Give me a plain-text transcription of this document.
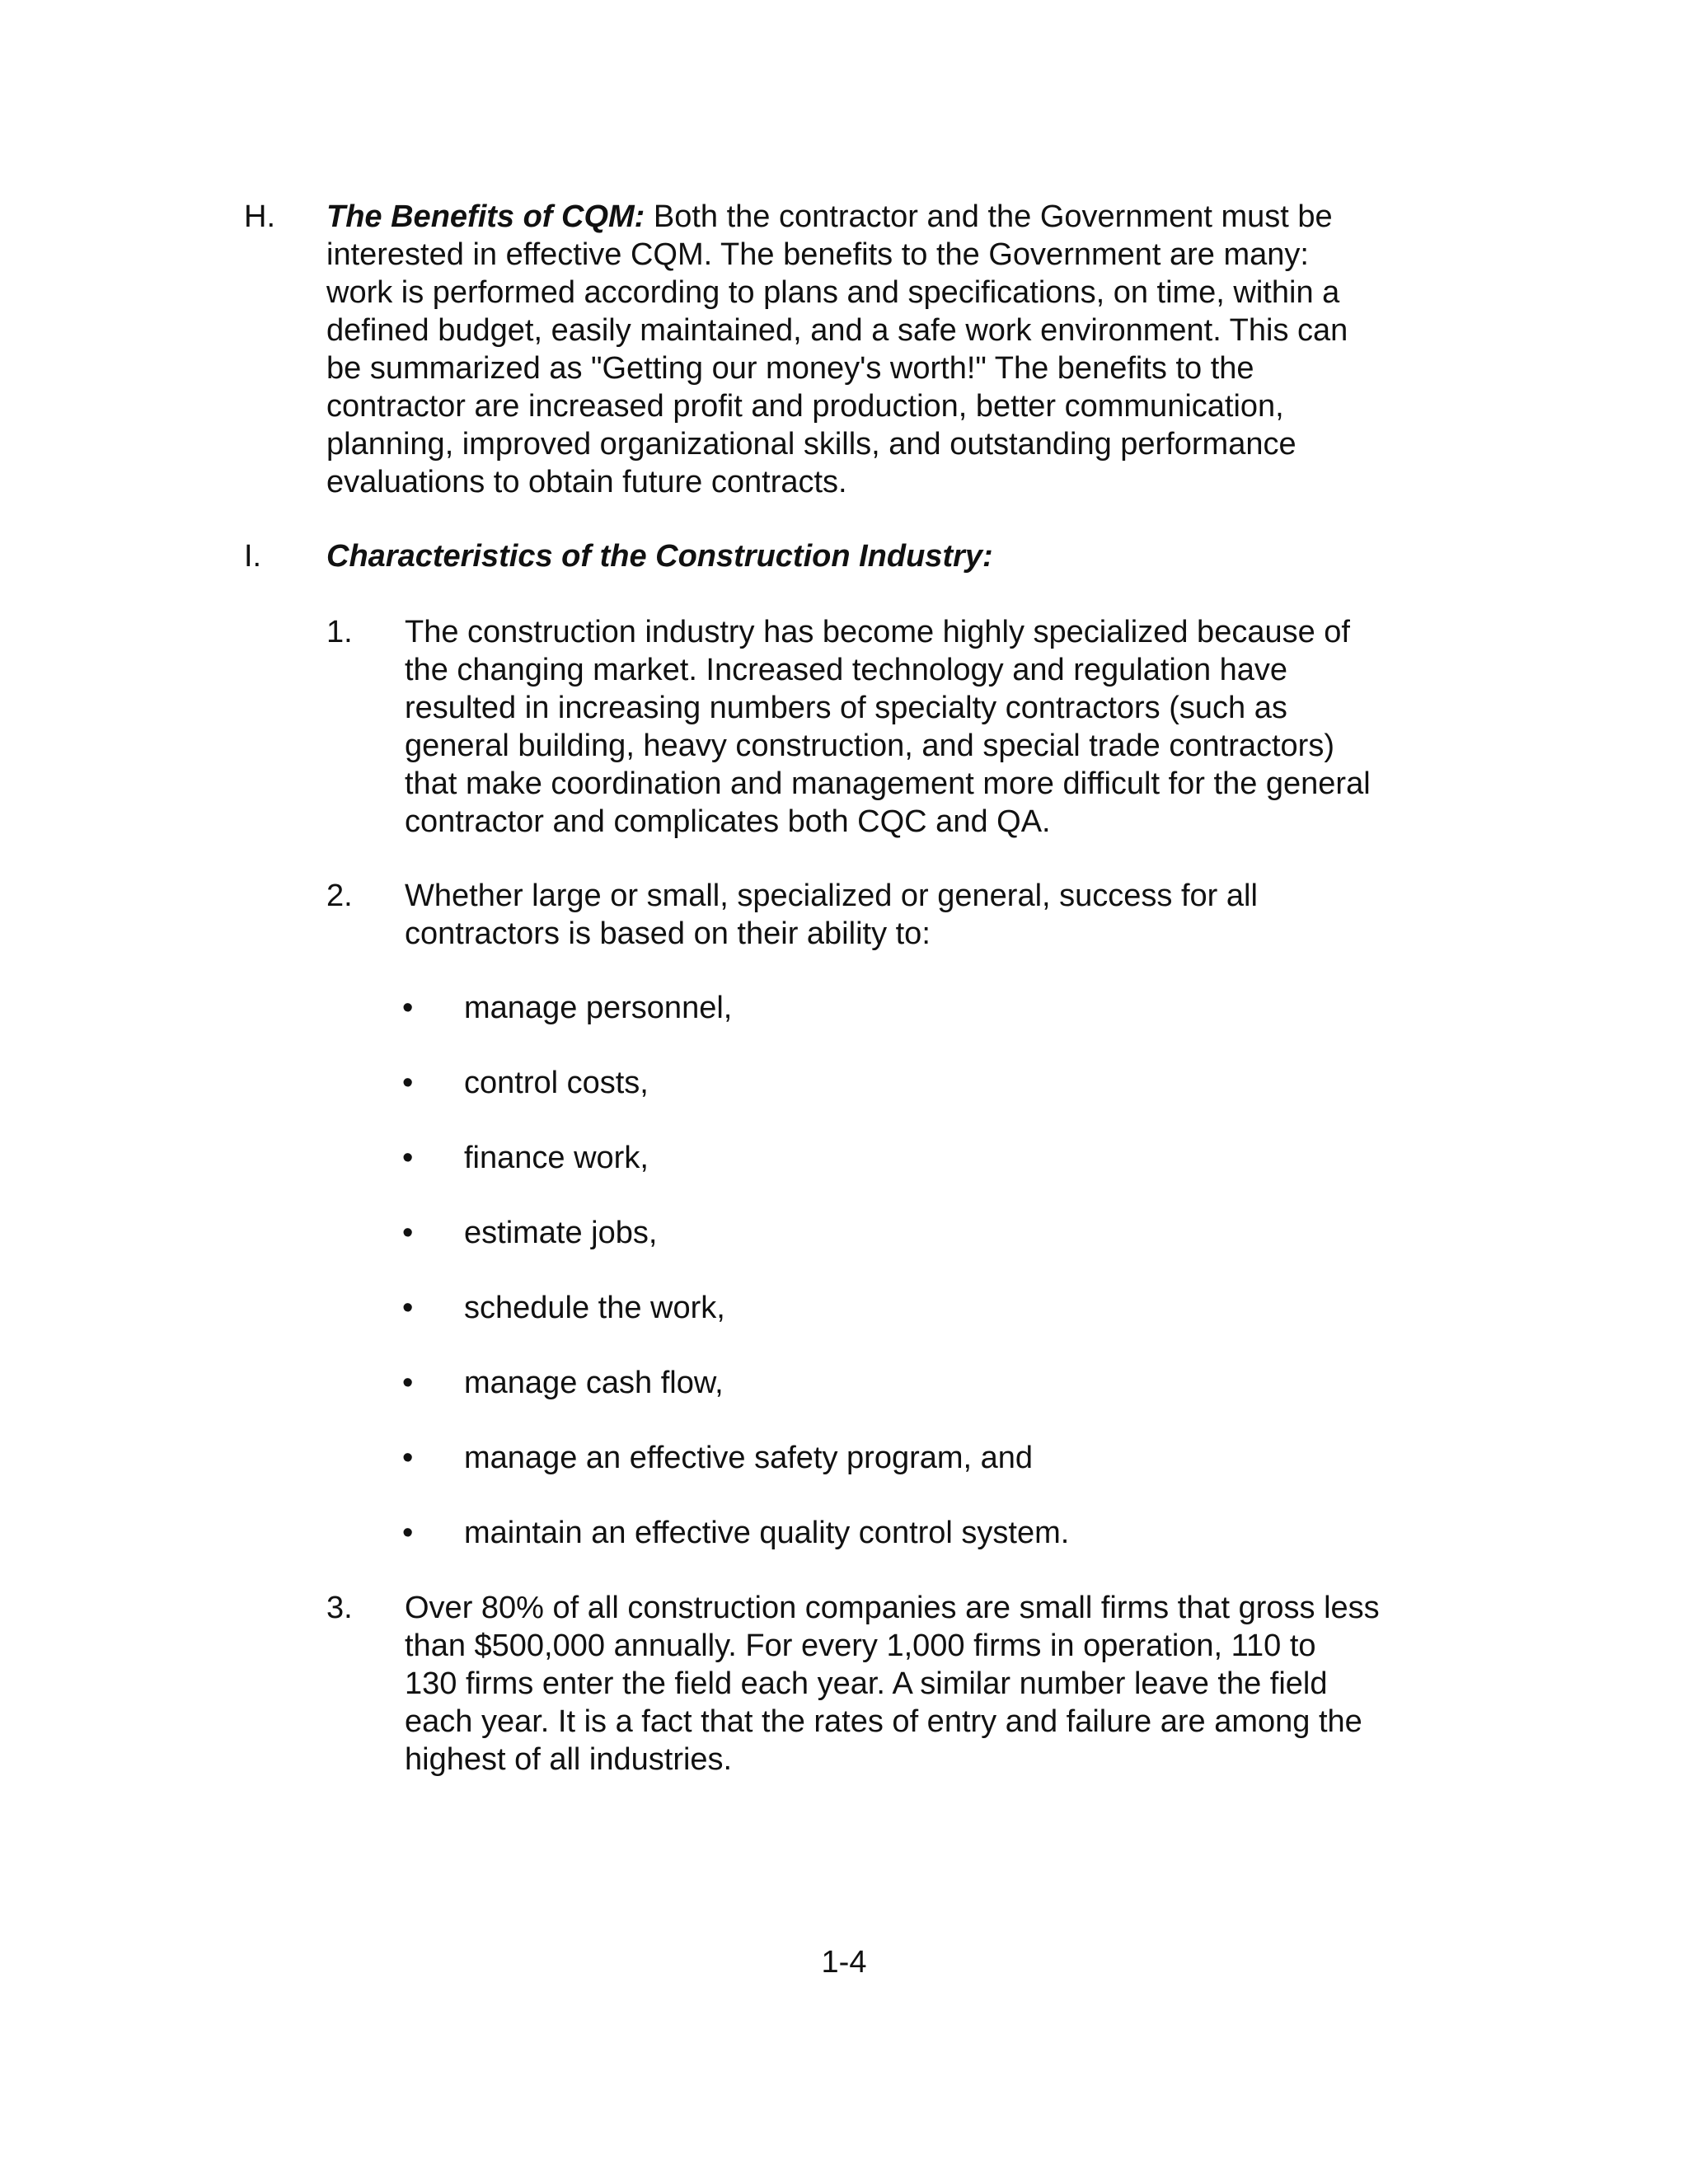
H. The Benefits of CQM: Both the contractor and the Government must be
interested in effective CQM. The benefits to the Government are many:
work is performed according to plans and specifications, on time, within a
defined budget, easily maintained, and a safe work environment. This can
be summarized as "Getting our money's worth!" The benefits to the
contractor are increased profit and production, better communication,
planning, improved organizational skills, and outstanding performance
evaluations to obtain future contracts.
I. Characteristics of the Construction Industry:
1. The construction industry has become highly specialized because of
the changing market. Increased technology and regulation have
resulted in increasing numbers of specialty contractors (such as
general building, heavy construction, and special trade contractors)
that make coordination and management more difficult for the general
contractor and complicates both CQC and QA.
2. Whether large or small, specialized or general, success for all
contractors is based on their ability to:
• manage personnel,
• control costs,
• finance work,
• estimate jobs,
• schedule the work,
• manage cash flow,
• manage an effective safety program, and
• maintain an effective quality control system.
3. Over 80% of all construction companies are small firms that gross less
than $500,000 annually. For every 1,000 firms in operation, 110 to
130 firms enter the field each year. A similar number leave the field
each year. It is a fact that the rates of entry and failure are among the
highest of all industries.
1-4
